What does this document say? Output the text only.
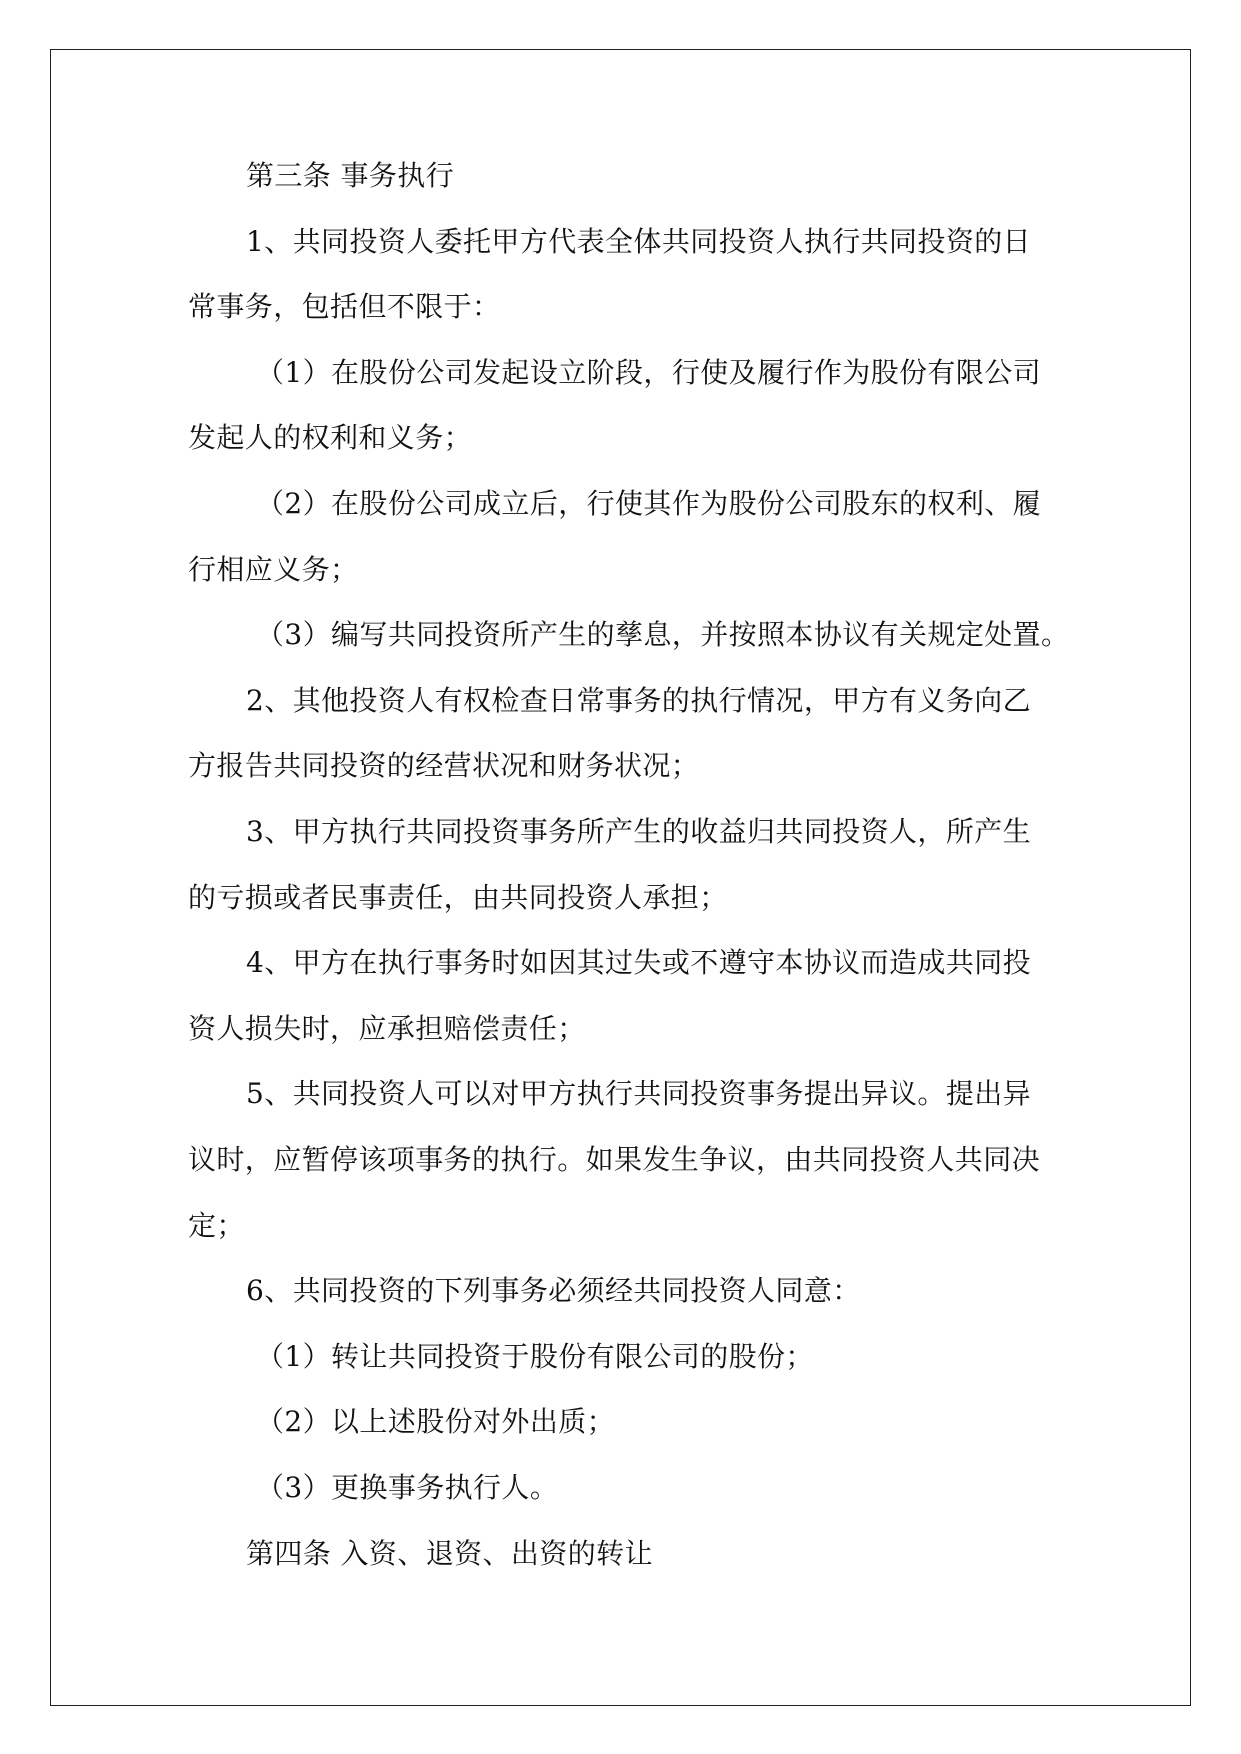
第三条 事务执行
1、共同投资人委托甲方代表全体共同投资人执行共同投资的日
常事务，包括但不限于：
（1）在股份公司发起设立阶段，行使及履行作为股份有限公司
发起人的权利和义务；
（2）在股份公司成立后，行使其作为股份公司股东的权利、履
行相应义务；
（3）编写共同投资所产生的孳息，并按照本协议有关规定处置。
2、其他投资人有权检查日常事务的执行情况，甲方有义务向乙
方报告共同投资的经营状况和财务状况；
3、甲方执行共同投资事务所产生的收益归共同投资人，所产生
的亏损或者民事责任，由共同投资人承担；
4、甲方在执行事务时如因其过失或不遵守本协议而造成共同投
资人损失时，应承担赔偿责任；
5、共同投资人可以对甲方执行共同投资事务提出异议。提出异
议时，应暂停该项事务的执行。如果发生争议，由共同投资人共同决
定；
6、共同投资的下列事务必须经共同投资人同意：
（1）转让共同投资于股份有限公司的股份；
（2）以上述股份对外出质；
（3）更换事务执行人。
第四条 入资、退资、出资的转让
